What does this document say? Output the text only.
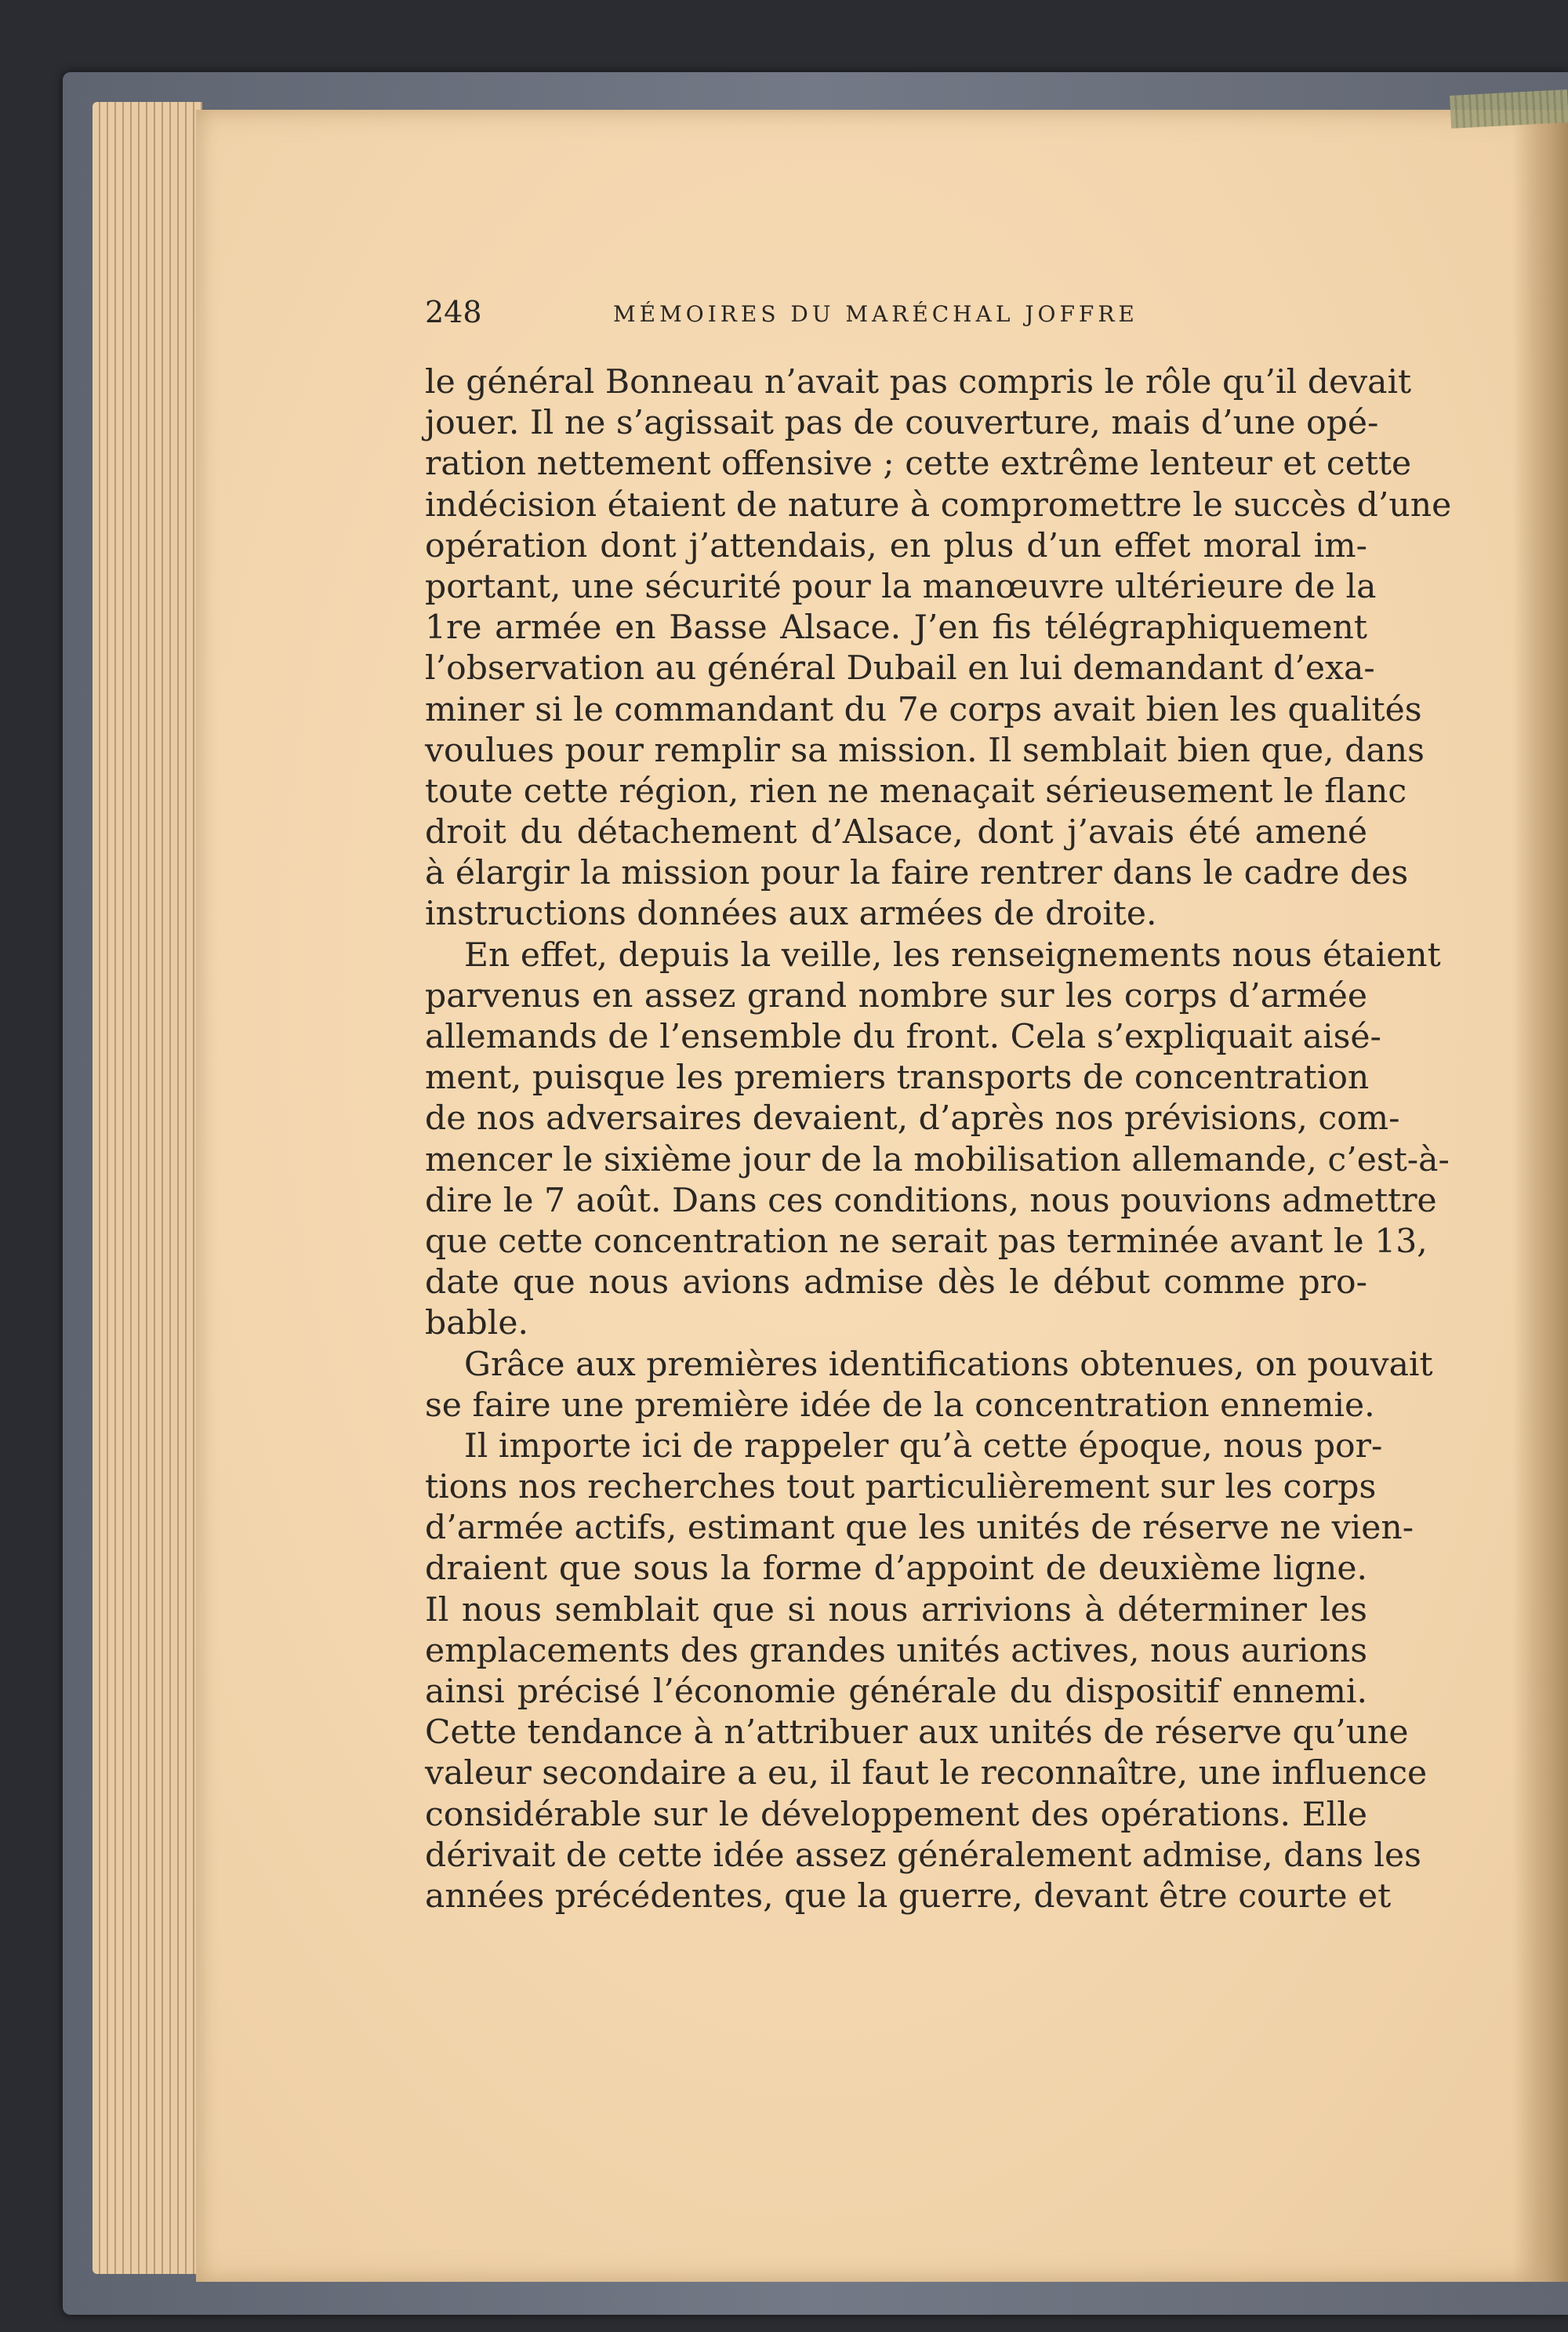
248	MÉMOIRES DU MARÉCHAL JOFFRE
le général Bonneau n’avait pas compris le rôle qu’il devait
jouer. Il ne s’agissait pas de couverture, mais d’une opé-
ration nettement offensive ; cette extrême lenteur et cette
indécision étaient de nature à compromettre le succès d’une
opération dont j’attendais, en plus d’un effet moral im-
portant, une sécurité pour la manœuvre ultérieure de la
1re armée en Basse Alsace. J’en fis télégraphiquement
l’observation au général Dubail en lui demandant d’exa-
miner si le commandant du 7e corps avait bien les qualités
voulues pour remplir sa mission. Il semblait bien que, dans
toute cette région, rien ne menaçait sérieusement le flanc
droit du détachement d’Alsace, dont j’avais été amené
à élargir la mission pour la faire rentrer dans le cadre des
instructions données aux armées de droite.
En effet, depuis la veille, les renseignements nous étaient
parvenus en assez grand nombre sur les corps d’armée
allemands de l’ensemble du front. Cela s’expliquait aisé-
ment, puisque les premiers transports de concentration
de nos adversaires devaient, d’après nos prévisions, com-
mencer le sixième jour de la mobilisation allemande, c’est-à-
dire le 7 août. Dans ces conditions, nous pouvions admettre
que cette concentration ne serait pas terminée avant le 13,
date que nous avions admise dès le début comme pro-
bable.
Grâce aux premières identifications obtenues, on pouvait
se faire une première idée de la concentration ennemie.
Il importe ici de rappeler qu’à cette époque, nous por-
tions nos recherches tout particulièrement sur les corps
d’armée actifs, estimant que les unités de réserve ne vien-
draient que sous la forme d’appoint de deuxième ligne.
Il nous semblait que si nous arrivions à déterminer les
emplacements des grandes unités actives, nous aurions
ainsi précisé l’économie générale du dispositif ennemi.
Cette tendance à n’attribuer aux unités de réserve qu’une
valeur secondaire a eu, il faut le reconnaître, une influence
considérable sur le développement des opérations. Elle
dérivait de cette idée assez généralement admise, dans les
années précédentes, que la guerre, devant être courte et
